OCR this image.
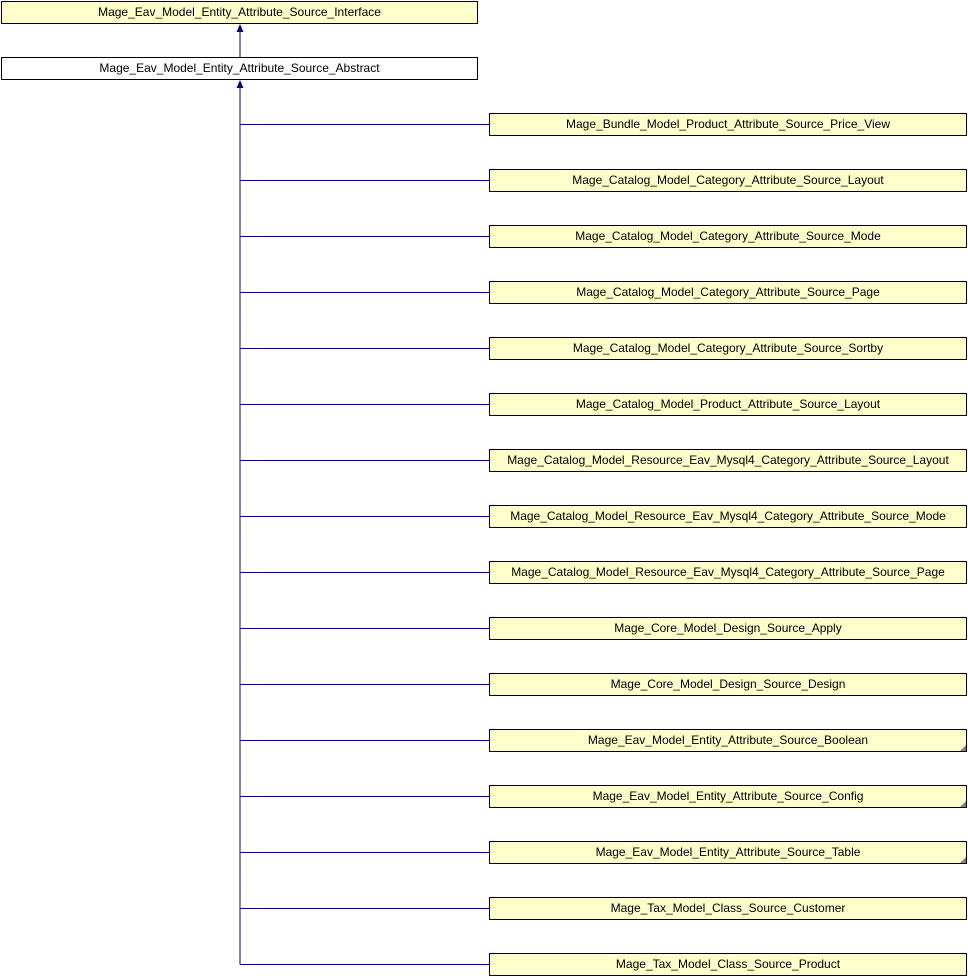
Mage_Eav_Model_Entity_Attribute_Source_Interface
Mage_Eav_Model_Entity_Attribute_Source_Abstract
Mage_Bundle_Model_Product_Attribute_Source_Price_View
Mage_Catalog_Model_Category_Attribute_Source_Layout
Mage_Catalog_Model_Category_Attribute_Source_Mode
Mage_Catalog_Model_Category_Attribute_Source_Page
Mage_Catalog_Model_Category_Attribute_Source_Sortby
Mage_Catalog_Model_Product_Attribute_Source_Layout
Mage_Catalog_Model_Resource_Eav_Mysql4_Category_Attribute_Source_Layout
Mage_Catalog_Model_Resource_Eav_Mysql4_Category_Attribute_Source_Mode
Mage_Catalog_Model_Resource_Eav_Mysql4_Category_Attribute_Source_Page
Mage_Core_Model_Design_Source_Apply
Mage_Core_Model_Design_Source_Design
Mage_Eav_Model_Entity_Attribute_Source_Boolean
Mage_Eav_Model_Entity_Attribute_Source_Config
Mage_Eav_Model_Entity_Attribute_Source_Table
Mage_Tax_Model_Class_Source_Customer
Mage_Tax_Model_Class_Source_Product
